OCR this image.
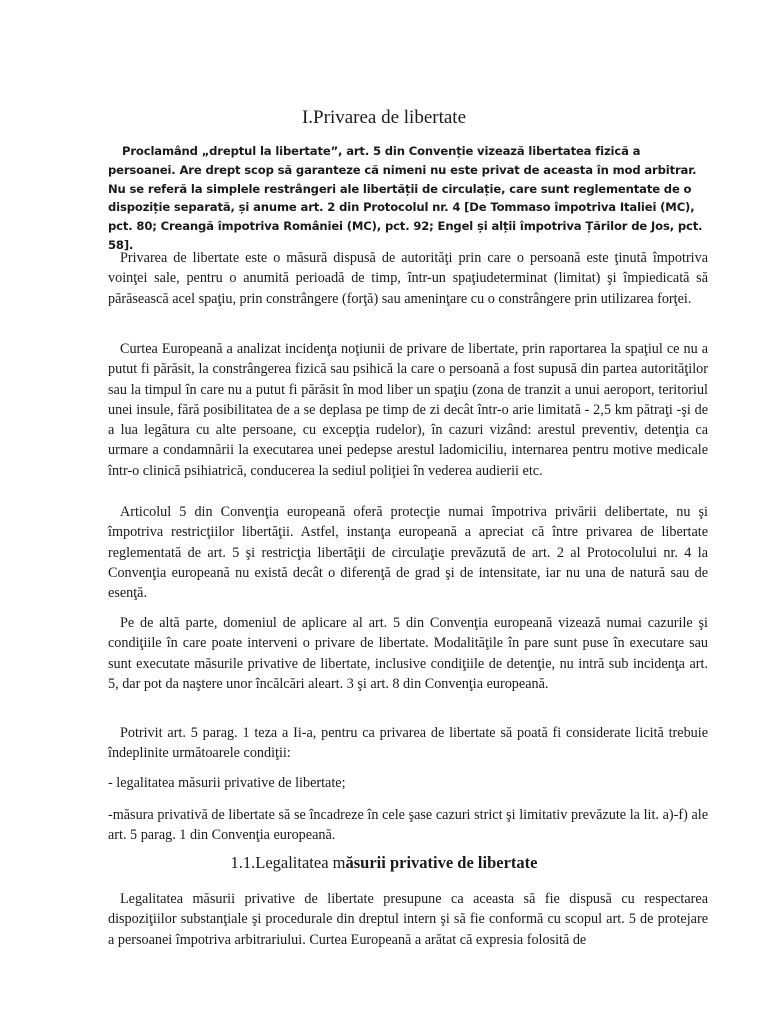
I.Privarea de libertate

Proclamând „dreptul la libertate”, art. 5 din Convenție vizează libertatea fizică a persoanei. Are drept scop să garanteze că nimeni nu este privat de aceasta în mod arbitrar. Nu se referă la simplele restrângeri ale libertății de circulație, care sunt reglementate de o dispoziție separată, și anume art. 2 din Protocolul nr. 4 [De Tommaso împotriva Italiei (MC), pct. 80; Creangă împotriva României (MC), pct. 92; Engel și alții împotriva Țărilor de Jos, pct. 58].

Privarea de libertate este o măsură dispusă de autorităţi prin care o persoană este ţinută împotriva voinţei sale, pentru o anumită perioadă de timp, într-un spaţiudeterminat (limitat) şi împiedicată să părăsească acel spaţiu, prin constrângere (forţă) sau ameninţare cu o constrângere prin utilizarea forţei.

Curtea Europeană a analizat incidenţa noţiunii de privare de libertate, prin raportarea la spaţiul ce nu a putut fi părăsit, la constrângerea fizică sau psihică la care o persoană a fost supusă din partea autorităţilor sau la timpul în care nu a putut fi părăsit în mod liber un spaţiu (zona de tranzit a unui aeroport, teritoriul unei insule, fără posibilitatea de a se deplasa pe timp de zi decât într-o arie limitată - 2,5 km pătraţi -şi de a lua legătura cu alte persoane, cu excepţia rudelor), în cazuri vizând: arestul preventiv, detenţia ca urmare a condamnării la executarea unei pedepse arestul ladomiciliu, internarea pentru motive medicale într-o clinică psihiatrică, conducerea la sediul poliţiei în vederea audierii etc.

Articolul 5 din Convenţia europeană oferă protecţie numai împotriva privării delibertate, nu şi împotriva restricţiilor libertăţii. Astfel, instanţa europeană a apreciat că între privarea de libertate reglementată de art. 5 şi restricţia libertăţii de circulaţie prevăzută de art. 2 al Protocolului nr. 4 la Convenţia europeană nu există decât o diferenţă de grad şi de intensitate, iar nu una de natură sau de esenţă.

Pe de altă parte, domeniul de aplicare al art. 5 din Convenţia europeană vizează numai cazurile şi condiţiile în care poate interveni o privare de libertate. Modalităţile în pare sunt puse în executare sau sunt executate măsurile privative de libertate, inclusive condiţiile de detenţie, nu intră sub incidenţa art. 5, dar pot da naştere unor încălcări aleart. 3 şi art. 8 din Convenţia europeană.

Potrivit art. 5 parag. 1 teza a Ii-a, pentru ca privarea de libertate să poată fi considerate licită trebuie îndeplinite următoarele condiţii:

- legalitatea măsurii privative de libertate;

-măsura privativă de libertate să se încadreze în cele şase cazuri strict şi limitativ prevăzute la lit. a)-f) ale art. 5 parag. 1 din Convenţia europeană.

1.1.Legalitatea măsurii privative de libertate

Legalitatea măsurii privative de libertate presupune ca aceasta să fie dispusă cu respectarea dispoziţiilor substanţiale şi procedurale din dreptul intern şi să fie conformă cu scopul art. 5 de protejare a persoanei împotriva arbitrariului. Curtea Europeană a arătat că expresia folosită de
